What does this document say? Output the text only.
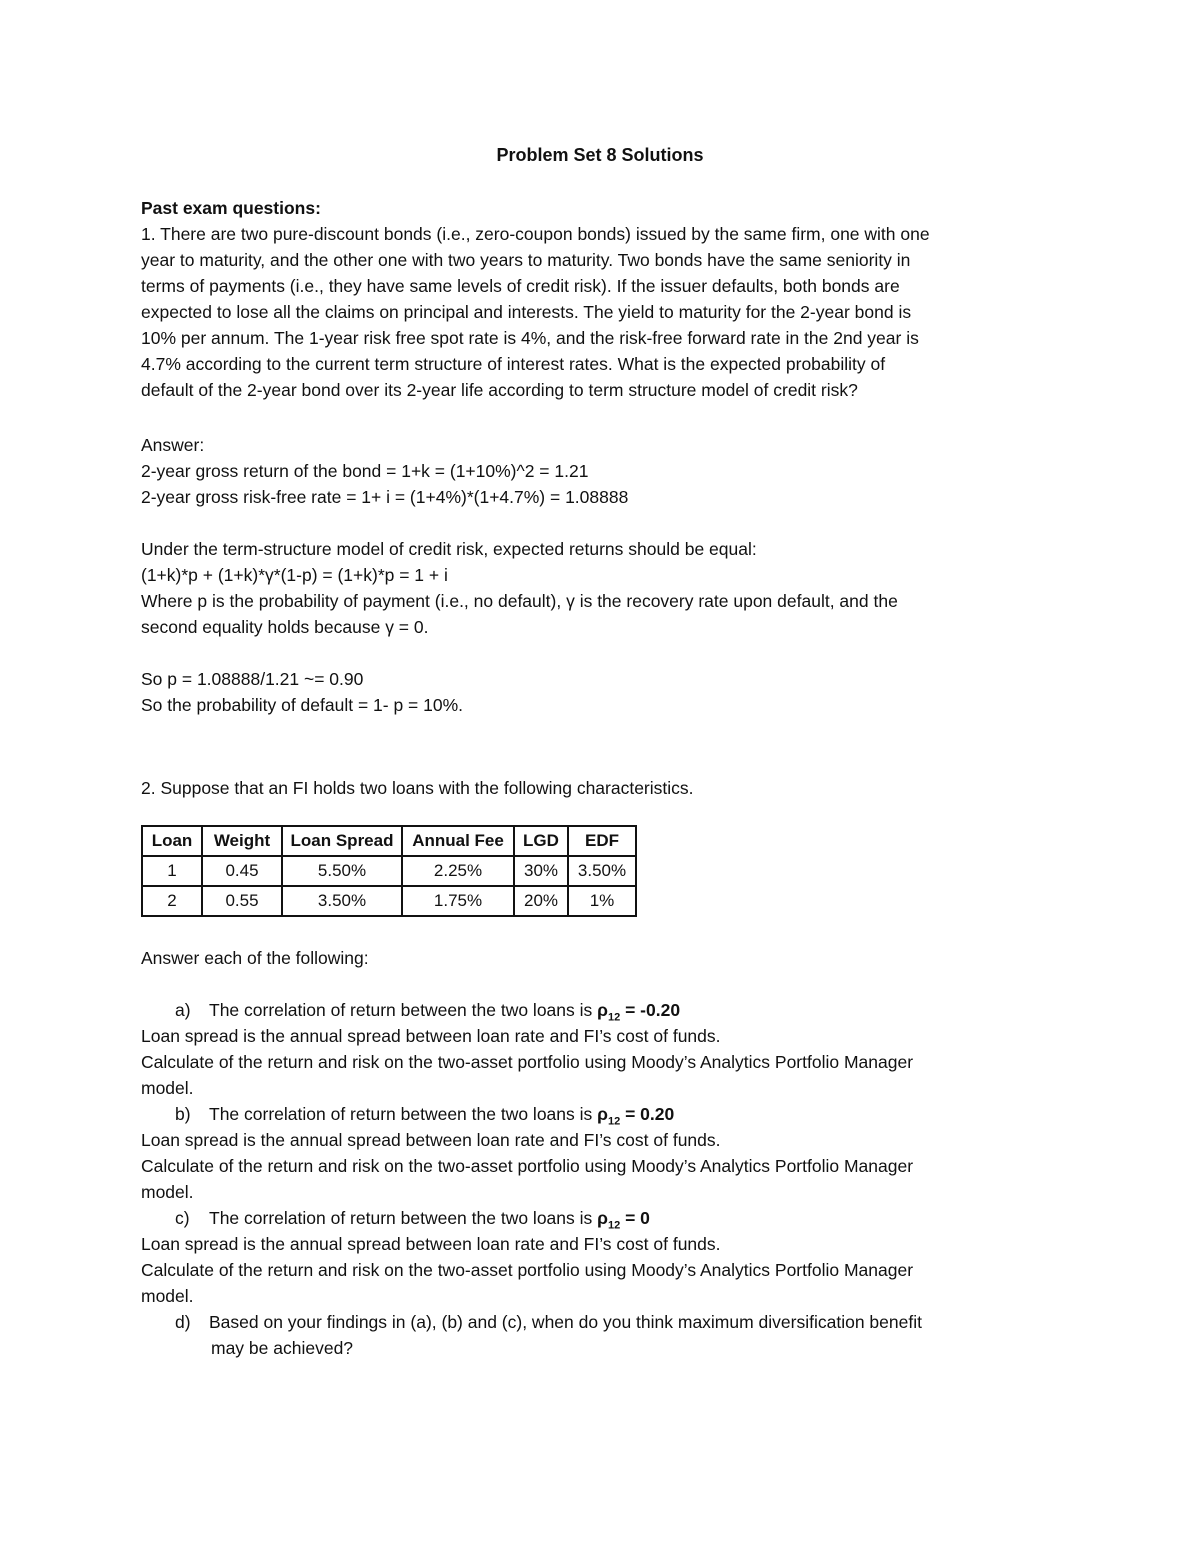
Problem Set 8 Solutions
Past exam questions:
1. There are two pure-discount bonds (i.e., zero-coupon bonds) issued by the same firm, one with one
year to maturity, and the other one with two years to maturity. Two bonds have the same seniority in
terms of payments (i.e., they have same levels of credit risk). If the issuer defaults, both bonds are
expected to lose all the claims on principal and interests. The yield to maturity for the 2-year bond is
10% per annum. The 1-year risk free spot rate is 4%, and the risk-free forward rate in the 2nd year is
4.7% according to the current term structure of interest rates. What is the expected probability of
default of the 2-year bond over its 2-year life according to term structure model of credit risk?
Answer:
2-year gross return of the bond = 1+k = (1+10%)^2 = 1.21
2-year gross risk-free rate = 1+ i = (1+4%)*(1+4.7%) = 1.08888
Under the term-structure model of credit risk, expected returns should be equal:
(1+k)*p + (1+k)*γ*(1-p) = (1+k)*p = 1 + i
Where p is the probability of payment (i.e., no default), γ is the recovery rate upon default, and the
second equality holds because γ = 0.
So p = 1.08888/1.21 ~= 0.90
So the probability of default = 1- p = 10%.
2. Suppose that an FI holds two loans with the following characteristics.
Loan	Weight	Loan Spread	Annual Fee	LGD	EDF
1	0.45	5.50%	2.25%	30%	3.50%
2	0.55	3.50%	1.75%	20%	1%
Answer each of the following:
a) The correlation of return between the two loans is $\rho_{12} = -0.20$
Loan spread is the annual spread between loan rate and FI’s cost of funds.
Calculate of the return and risk on the two-asset portfolio using Moody’s Analytics Portfolio Manager
model.
b) The correlation of return between the two loans is $\rho_{12} = 0.20$
Loan spread is the annual spread between loan rate and FI’s cost of funds.
Calculate of the return and risk on the two-asset portfolio using Moody’s Analytics Portfolio Manager
model.
c) The correlation of return between the two loans is $\rho_{12} = 0$
Loan spread is the annual spread between loan rate and FI’s cost of funds.
Calculate of the return and risk on the two-asset portfolio using Moody’s Analytics Portfolio Manager
model.
d) Based on your findings in (a), (b) and (c), when do you think maximum diversification benefit
may be achieved?
